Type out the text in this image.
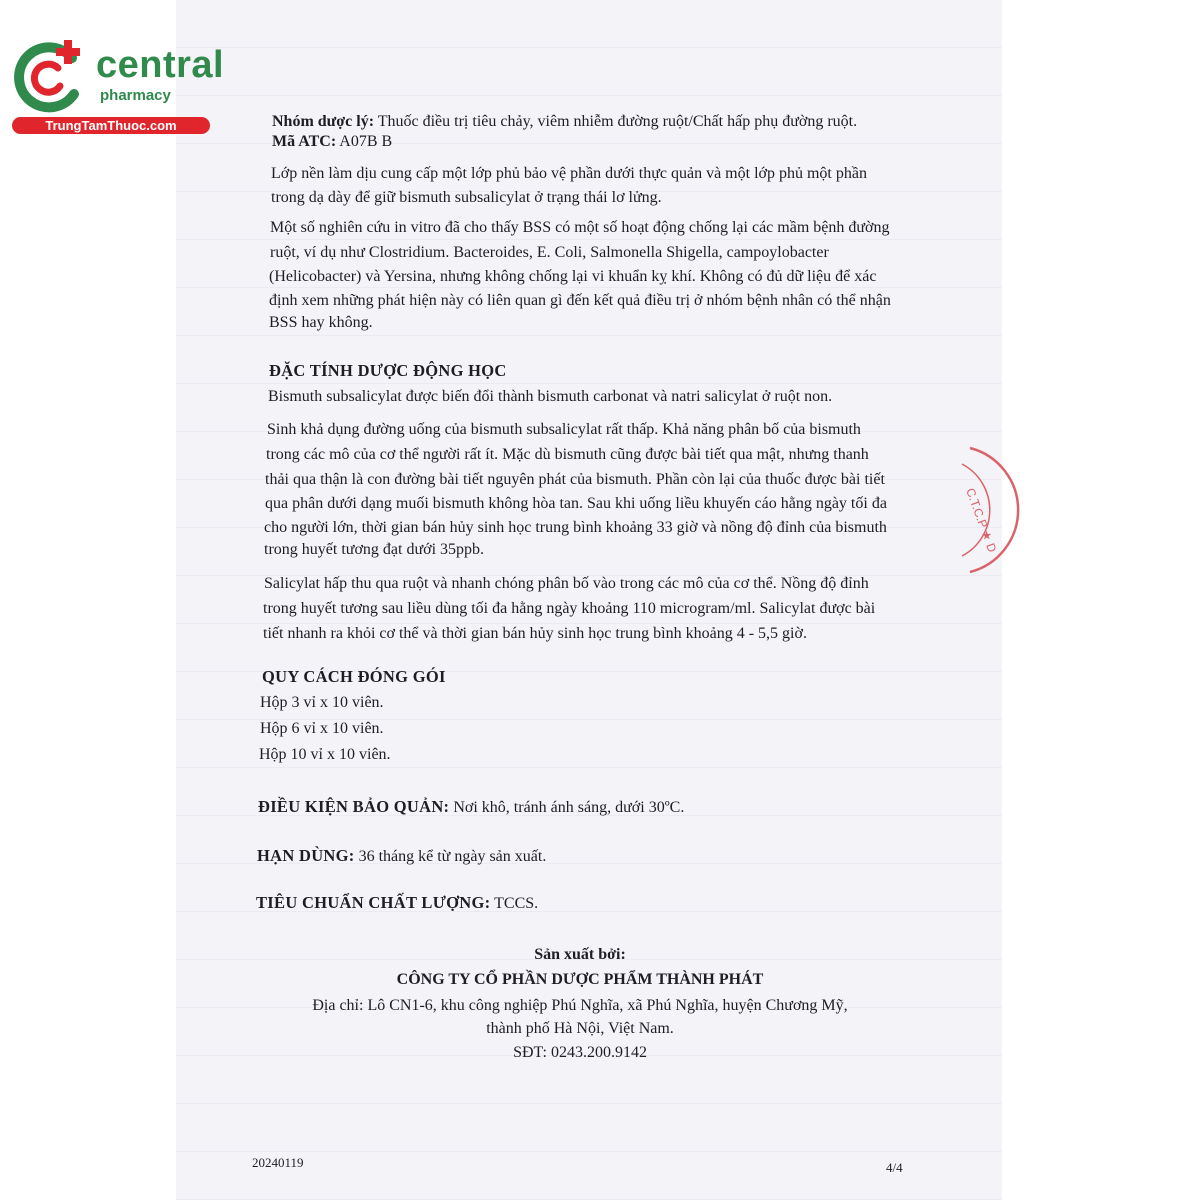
central
pharmacy
TrungTamThuoc.com	Nhóm dược lý: Thuốc điều trị tiêu chảy, viêm nhiễm đường ruột/Chất hấp phụ đường ruột.
Mã ATC: A07B B
Lớp nền làm dịu cung cấp một lớp phủ bảo vệ phần dưới thực quản và một lớp phủ một phần
trong dạ dày để giữ bismuth subsalicylat ở trạng thái lơ lửng.
Một số nghiên cứu in vitro đã cho thấy BSS có một số hoạt động chống lại các mầm bệnh đường
ruột, ví dụ như Clostridium. Bacteroides, E. Coli, Salmonella Shigella, campoylobacter
(Helicobacter) và Yersina, nhưng không chống lại vi khuẩn kỵ khí. Không có đủ dữ liệu để xác
định xem những phát hiện này có liên quan gì đến kết quả điều trị ở nhóm bệnh nhân có thể nhận
BSS hay không.
ĐẶC TÍNH DƯỢC ĐỘNG HỌC
Bismuth subsalicylat được biến đổi thành bismuth carbonat và natri salicylat ở ruột non.
Sinh khả dụng đường uống của bismuth subsalicylat rất thấp. Khả năng phân bố của bismuth
trong các mô của cơ thể người rất ít. Mặc dù bismuth cũng được bài tiết qua mật, nhưng thanh
thải qua thận là con đường bài tiết nguyên phát của bismuth. Phần còn lại của thuốc được bài tiết
qua phân dưới dạng muối bismuth không hòa tan. Sau khi uống liều khuyến cáo hằng ngày tối đa
cho người lớn, thời gian bán hủy sinh học trung bình khoảng 33 giờ và nồng độ đỉnh của bismuth
trong huyết tương đạt dưới 35ppb.
Salicylat hấp thu qua ruột và nhanh chóng phân bố vào trong các mô của cơ thể. Nồng độ đỉnh
trong huyết tương sau liều dùng tối đa hằng ngày khoảng 110 microgram/ml. Salicylat được bài
tiết nhanh ra khỏi cơ thể và thời gian bán hủy sinh học trung bình khoảng 4 - 5,5 giờ.
QUY CÁCH ĐÓNG GÓI
Hộp 3 vỉ x 10 viên.
Hộp 6 vỉ x 10 viên.
Hộp 10 vỉ x 10 viên.
ĐIỀU KIỆN BẢO QUẢN: Nơi khô, tránh ánh sáng, dưới 30ºC.
HẠN DÙNG: 36 tháng kể từ ngày sản xuất.
TIÊU CHUẨN CHẤT LƯỢNG: TCCS.
Sản xuất bởi:
CÔNG TY CỔ PHẦN DƯỢC PHẨM THÀNH PHÁT
Địa chỉ: Lô CN1-6, khu công nghiệp Phú Nghĩa, xã Phú Nghĩa, huyện Chương Mỹ,
thành phố Hà Nội, Việt Nam.
SĐT: 0243.200.9142
20240119	4/4
C.T.C.P ★ D
